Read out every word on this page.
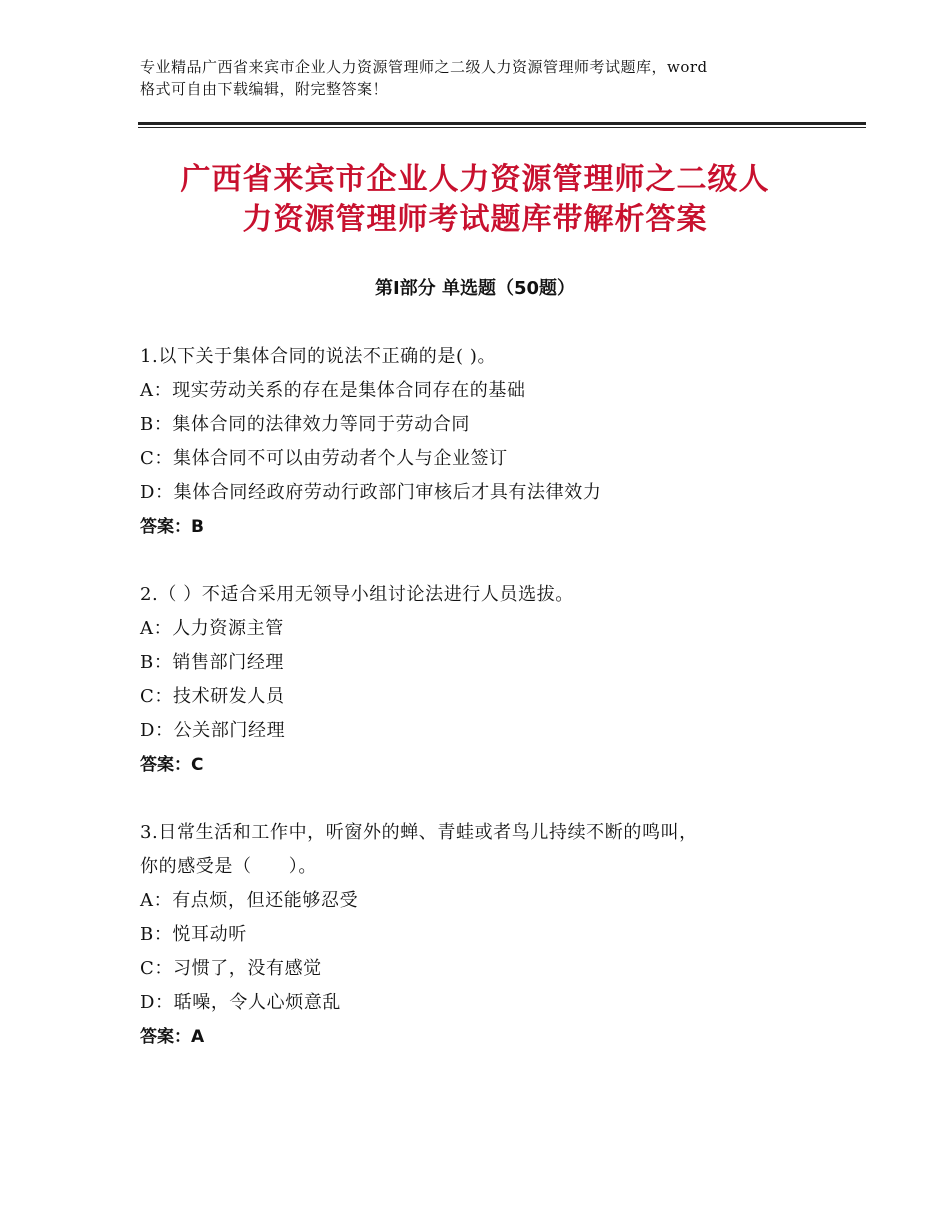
专业精品广西省来宾市企业人力资源管理师之二级人力资源管理师考试题库，word
格式可自由下载编辑，附完整答案！
广西省来宾市企业人力资源管理师之二级人
力资源管理师考试题库带解析答案
第Ⅰ部分 单选题（50题）
1.以下关于集体合同的说法不正确的是( )。
A：现实劳动关系的存在是集体合同存在的基础
B：集体合同的法律效力等同于劳动合同
C：集体合同不可以由劳动者个人与企业签订
D：集体合同经政府劳动行政部门审核后才具有法律效力
答案：B
2.（ ）不适合采用无领导小组讨论法进行人员选拔。
A：人力资源主管
B：销售部门经理
C：技术研发人员
D：公关部门经理
答案：C
3.日常生活和工作中，听窗外的蝉、青蛙或者鸟儿持续不断的鸣叫，
你的感受是（　　）。
A：有点烦，但还能够忍受
B：悦耳动听
C：习惯了，没有感觉
D：聒噪，令人心烦意乱
答案：A
